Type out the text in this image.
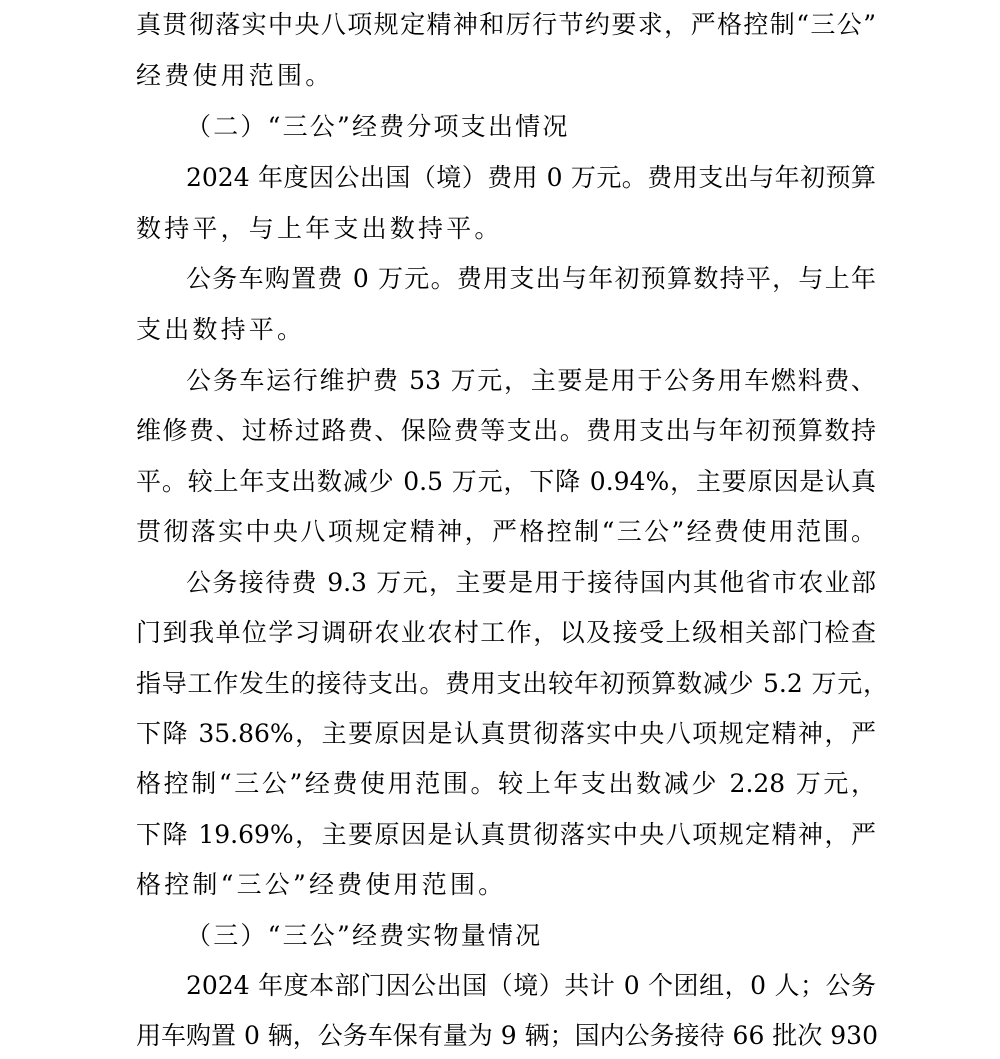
真贯彻落实中央八项规定精神和厉行节约要求，严格控制“三公”
经费使用范围。
（二）“三公”经费分项支出情况
2024 年度因公出国（境）费用 0 万元。费用支出与年初预算
数持平，与上年支出数持平。
公务车购置费 0 万元。费用支出与年初预算数持平，与上年
支出数持平。
公务车运行维护费 53 万元，主要是用于公务用车燃料费、
维修费、过桥过路费、保险费等支出。费用支出与年初预算数持
平。较上年支出数减少 0.5 万元，下降 0.94%，主要原因是认真
贯彻落实中央八项规定精神，严格控制“三公”经费使用范围。
公务接待费 9.3 万元，主要是用于接待国内其他省市农业部
门到我单位学习调研农业农村工作，以及接受上级相关部门检查
指导工作发生的接待支出。费用支出较年初预算数减少 5.2 万元，
下降 35.86%，主要原因是认真贯彻落实中央八项规定精神，严
格控制“三公”经费使用范围。较上年支出数减少 2.28 万元，
下降 19.69%，主要原因是认真贯彻落实中央八项规定精神，严
格控制“三公”经费使用范围。
（三）“三公”经费实物量情况
2024 年度本部门因公出国（境）共计 0 个团组，0 人；公务
用车购置 0 辆，公务车保有量为 9 辆；国内公务接待 66 批次 930
